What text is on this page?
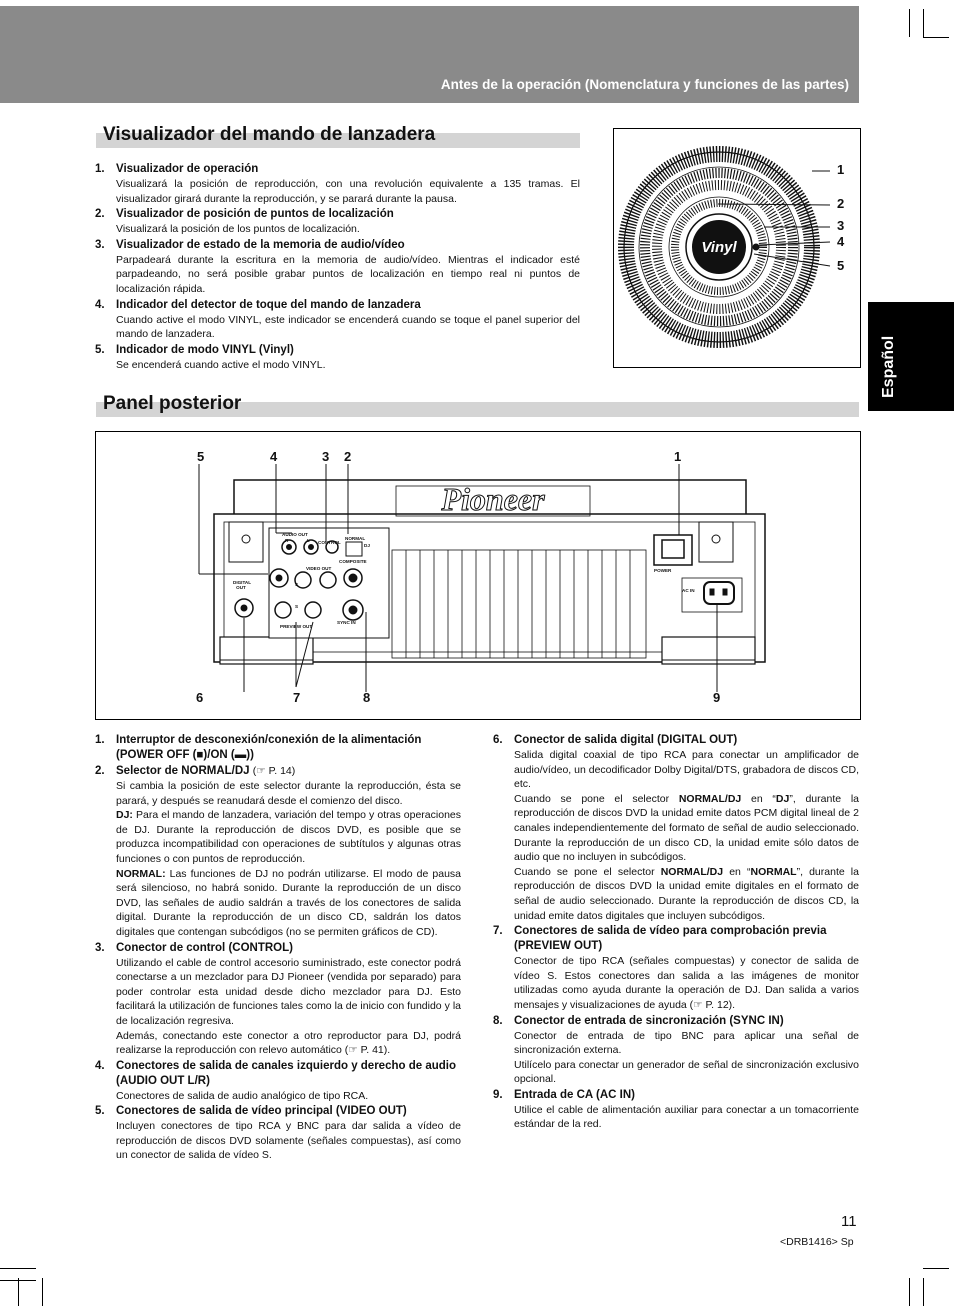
Antes de la operación (Nomenclatura y funciones de las partes)
Español
Visualizador del mando de lanzadera
1. Visualizador de operación
Visualizará la posición de reproducción, con una revolución equivalente a 135 tramas. El visualizador girará durante la reproducción, y se parará durante la pausa.
2. Visualizador de posición de puntos de localización
Visualizará la posición de los puntos de localización.
3. Visualizador de estado de la memoria de audio/vídeo
Parpadeará durante la escritura en la memoria de audio/vídeo. Mientras el indicador esté parpadeando, no será posible grabar puntos de localización en tiempo real ni puntos de localización rápida.
4. Indicador del detector de toque del mando de lanzadera
Cuando active el modo VINYL, este indicador se encenderá cuando se toque el panel superior del mando de lanzadera.
5. Indicador de modo VINYL (Vinyl)
Se encenderá cuando active el modo VINYL.
Vinyl
1
2
3
4
5
Panel posterior
Pioneer
5	4	3 2	1
6	7	8	9
AUDIO OUT
R	L CONTROL
NORMAL
DJ
VIDEO OUT
COMPOSITE
DIGITAL OUT
S
S
PREVIEW OUT
SYNC IN
POWER
AC IN
1. Interruptor de desconexión/conexión de la alimentación (POWER OFF (■)/ON (▬))
2. Selector de NORMAL/DJ (☞ P. 14)
Si cambia la posición de este selector durante la reproducción, ésta se parará, y después se reanudará desde el comienzo del disco.
DJ: Para el mando de lanzadera, variación del tempo y otras operaciones de DJ. Durante la reproducción de discos DVD, es posible que se produzca incompatibilidad con operaciones de subtítulos y algunas otras funciones o con puntos de reproducción.
NORMAL: Las funciones de DJ no podrán utilizarse. El modo de pausa será silencioso, no habrá sonido. Durante la reproducción de un disco DVD, las señales de audio saldrán a través de los conectores de salida digital. Durante la reproducción de un disco CD, saldrán los datos digitales que contengan subcódigos (no se permiten gráficos de CD).
3. Conector de control (CONTROL)
Utilizando el cable de control accesorio suministrado, este conector podrá conectarse a un mezclador para DJ Pioneer (vendida por separado) para poder controlar esta unidad desde dicho mezclador para DJ. Esto facilitará la utilización de funciones tales como la de inicio con fundido y la de localización regresiva.
Además, conectando este conector a otro reproductor para DJ, podrá realizarse la reproducción con relevo automático (☞ P. 41).
4. Conectores de salida de canales izquierdo y derecho de audio (AUDIO OUT L/R)
Conectores de salida de audio analógico de tipo RCA.
5. Conectores de salida de vídeo principal (VIDEO OUT)
Incluyen conectores de tipo RCA y BNC para dar salida a vídeo de reproducción de discos DVD solamente (señales compuestas), así como un conector de salida de vídeo S.
6. Conector de salida digital (DIGITAL OUT)
Salida digital coaxial de tipo RCA para conectar un amplificador de audio/vídeo, un decodificador Dolby Digital/DTS, grabadora de discos CD, etc.
Cuando se pone el selector NORMAL/DJ en “DJ”, durante la reproducción de discos DVD la unidad emite datos PCM digital lineal de 2 canales independientemente del formato de señal de audio seleccionado. Durante la reproducción de un disco CD, la unidad emite sólo datos de audio que no incluyen in subcódigos.
Cuando se pone el selector NORMAL/DJ en “NORMAL”, durante la reproducción de discos DVD la unidad emite digitales en el formato de señal de audio seleccionado. Durante la reproducción de discos CD, la unidad emite datos digitales que incluyen subcódigos.
7. Conectores de salida de vídeo para comprobación previa (PREVIEW OUT)
Conector de tipo RCA (señales compuestas) y conector de salida de vídeo S. Estos conectores dan salida a las imágenes de monitor utilizadas como ayuda durante la operación de DJ. Dan salida a varios mensajes y visualizaciones de ayuda (☞ P. 12).
8. Conector de entrada de sincronización (SYNC IN)
Conector de entrada de tipo BNC para aplicar una señal de sincronización externa.
Utilícelo para conectar un generador de señal de sincronización exclusivo opcional.
9. Entrada de CA (AC IN)
Utilice el cable de alimentación auxiliar para conectar a un tomacorriente estándar de la red.
11
<DRB1416> Sp
